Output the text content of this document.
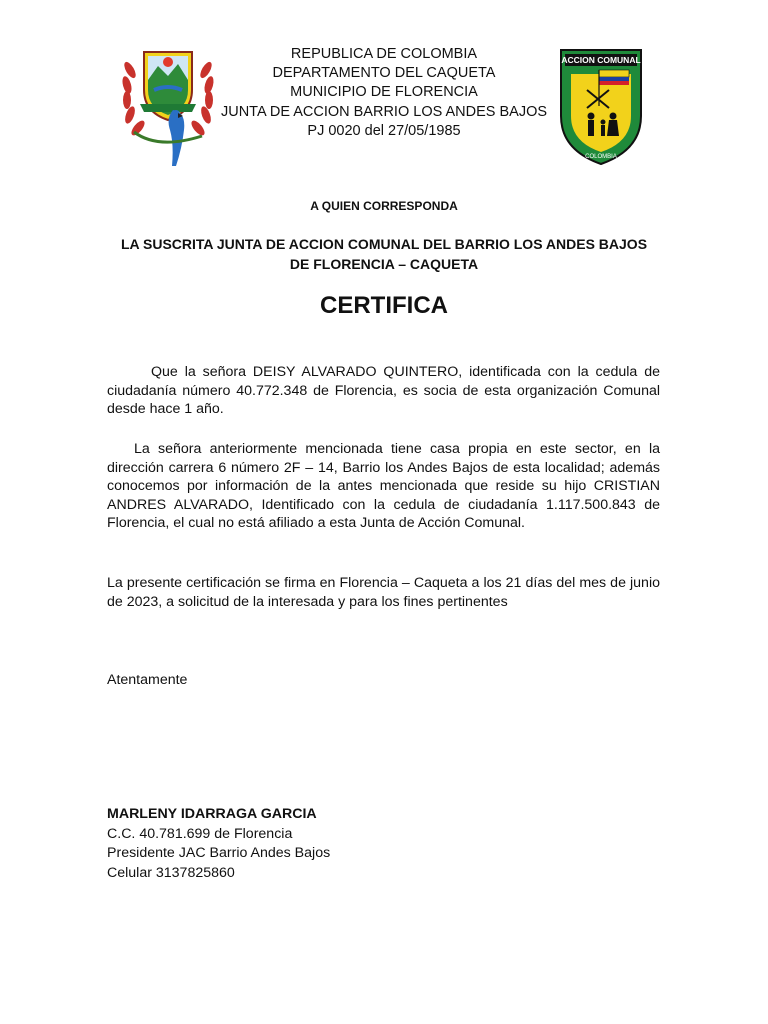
REPUBLICA DE COLOMBIA
DEPARTAMENTO DEL CAQUETA
MUNICIPIO DE FLORENCIA
JUNTA DE ACCION BARRIO LOS ANDES BAJOS
PJ 0020 del 27/05/1985
ACCION COMUNAL
COLOMBIA
A QUIEN CORRESPONDA
LA SUSCRITA JUNTA DE ACCION COMUNAL DEL BARRIO LOS ANDES BAJOS DE FLORENCIA – CAQUETA
CERTIFICA

Que la señora DEISY ALVARADO QUINTERO, identificada con la cedula de ciudadanía número 40.772.348 de Florencia, es socia de esta organización Comunal desde hace 1 año.

La señora anteriormente mencionada tiene casa propia en este sector, en la dirección carrera 6 número 2F – 14, Barrio los Andes Bajos de esta localidad; además conocemos por información de la antes mencionada que reside su hijo CRISTIAN ANDRES ALVARADO, Identificado con la cedula de ciudadanía 1.117.500.843 de Florencia, el cual no está afiliado a esta Junta de Acción Comunal.

La presente certificación se firma en Florencia – Caqueta a los 21 días del mes de junio de 2023, a solicitud de la interesada y para los fines pertinentes

Atentamente
MARLENY IDARRAGA GARCIA
C.C. 40.781.699 de Florencia
Presidente JAC Barrio Andes Bajos
Celular 3137825860
